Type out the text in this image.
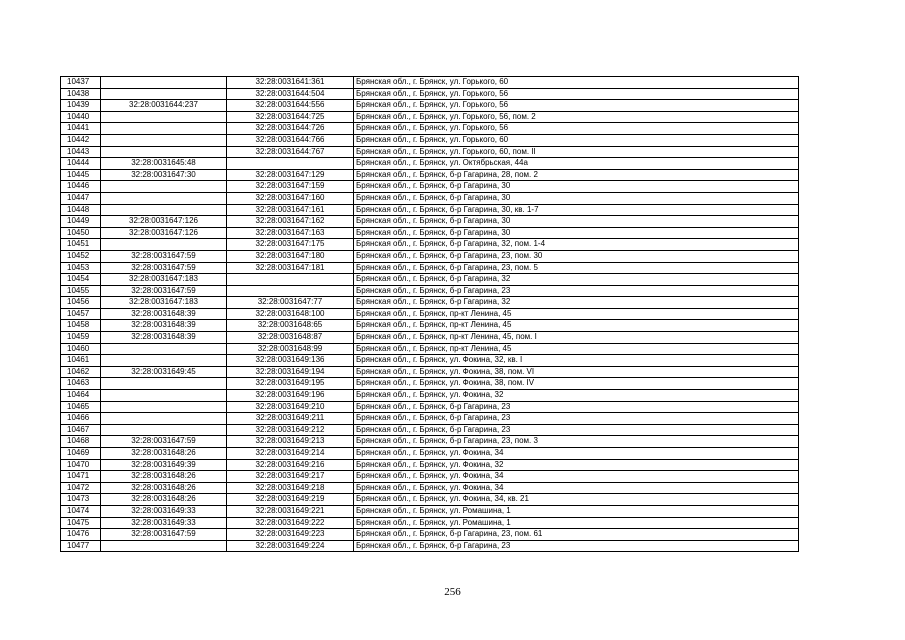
10437		32:28:0031641:361	Брянская обл., г. Брянск, ул. Горького, 60
10438		32:28:0031644:504	Брянская обл., г. Брянск, ул. Горького, 56
10439	32:28:0031644:237	32:28:0031644:556	Брянская обл., г. Брянск, ул. Горького, 56
10440		32:28:0031644:725	Брянская обл., г. Брянск, ул. Горького, 56, пом. 2
10441		32:28:0031644:726	Брянская обл., г. Брянск, ул. Горького, 56
10442		32:28:0031644:766	Брянская обл., г. Брянск, ул. Горького, 60
10443		32:28:0031644:767	Брянская обл., г. Брянск, ул. Горького, 60, пом. II
10444	32:28:0031645:48		Брянская обл., г. Брянск, ул. Октябрьская, 44а
10445	32:28:0031647:30	32:28:0031647:129	Брянская обл., г. Брянск, б-р Гагарина, 28, пом. 2
10446		32:28:0031647:159	Брянская обл., г. Брянск, б-р Гагарина, 30
10447		32:28:0031647:160	Брянская обл., г. Брянск, б-р Гагарина, 30
10448		32:28:0031647:161	Брянская обл., г. Брянск, б-р Гагарина, 30, кв. 1-7
10449	32:28:0031647:126	32:28:0031647:162	Брянская обл., г. Брянск, б-р Гагарина, 30
10450	32:28:0031647:126	32:28:0031647:163	Брянская обл., г. Брянск, б-р Гагарина, 30
10451		32:28:0031647:175	Брянская обл., г. Брянск, б-р Гагарина, 32, пом. 1-4
10452	32:28:0031647:59	32:28:0031647:180	Брянская обл., г. Брянск, б-р Гагарина, 23, пом. 30
10453	32:28:0031647:59	32:28:0031647:181	Брянская обл., г. Брянск, б-р Гагарина, 23, пом. 5
10454	32:28:0031647:183		Брянская обл., г. Брянск, б-р Гагарина, 32
10455	32:28:0031647:59		Брянская обл., г. Брянск, б-р Гагарина, 23
10456	32:28:0031647:183	32:28:0031647:77	Брянская обл., г. Брянск, б-р Гагарина, 32
10457	32:28:0031648:39	32:28:0031648:100	Брянская обл., г. Брянск, пр-кт Ленина, 45
10458	32:28:0031648:39	32:28:0031648:65	Брянская обл., г. Брянск, пр-кт Ленина, 45
10459	32:28:0031648:39	32:28:0031648:87	Брянская обл., г. Брянск, пр-кт Ленина, 45, пом. I
10460		32:28:0031648:99	Брянская обл., г. Брянск, пр-кт Ленина, 45
10461		32:28:0031649:136	Брянская обл., г. Брянск, ул. Фокина, 32, кв. I
10462	32:28:0031649:45	32:28:0031649:194	Брянская обл., г. Брянск, ул. Фокина, 38, пом. VI
10463		32:28:0031649:195	Брянская обл., г. Брянск, ул. Фокина, 38, пом. IV
10464		32:28:0031649:196	Брянская обл., г. Брянск, ул. Фокина, 32
10465		32:28:0031649:210	Брянская обл., г. Брянск, б-р Гагарина, 23
10466		32:28:0031649:211	Брянская обл., г. Брянск, б-р Гагарина, 23
10467		32:28:0031649:212	Брянская обл., г. Брянск, б-р Гагарина, 23
10468	32:28:0031647:59	32:28:0031649:213	Брянская обл., г. Брянск, б-р Гагарина, 23, пом. 3
10469	32:28:0031648:26	32:28:0031649:214	Брянская обл., г. Брянск, ул. Фокина, 34
10470	32:28:0031649:39	32:28:0031649:216	Брянская обл., г. Брянск, ул. Фокина, 32
10471	32:28:0031648:26	32:28:0031649:217	Брянская обл., г. Брянск, ул. Фокина, 34
10472	32:28:0031648:26	32:28:0031649:218	Брянская обл., г. Брянск, ул. Фокина, 34
10473	32:28:0031648:26	32:28:0031649:219	Брянская обл., г. Брянск, ул. Фокина, 34, кв. 21
10474	32:28:0031649:33	32:28:0031649:221	Брянская обл., г. Брянск, ул. Ромашина, 1
10475	32:28:0031649:33	32:28:0031649:222	Брянская обл., г. Брянск, ул. Ромашина, 1
10476	32:28:0031647:59	32:28:0031649:223	Брянская обл., г. Брянск, б-р Гагарина, 23, пом. 61
10477		32:28:0031649:224	Брянская обл., г. Брянск, б-р Гагарина, 23
256
